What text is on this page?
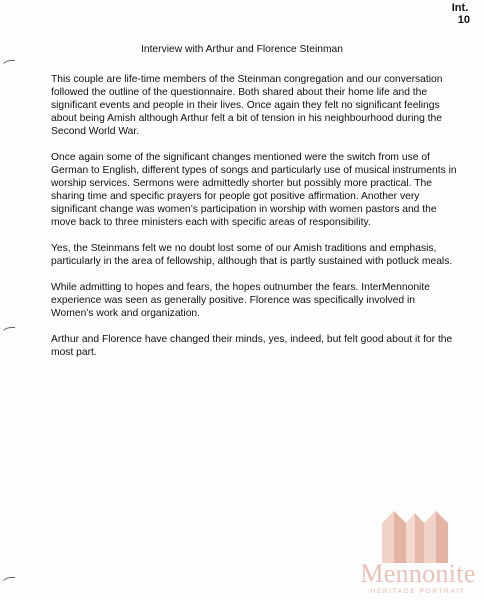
Int.
10
Interview with Arthur and Florence Steinman

This couple are life-time members of the Steinman congregation and our conversation followed the outline of the questionnaire. Both shared about their home life and the significant events and people in their lives. Once again they felt no significant feelings about being Amish although Arthur felt a bit of tension in his neighbourhood during the Second World War.

Once again some of the significant changes mentioned were the switch from use of German to English, different types of songs and particularly use of musical instruments in worship services. Sermons were admittedly shorter but possibly more practical. The sharing time and specific prayers for people got positive affirmation. Another very significant change was women’s participation in worship with women pastors and the move back to three ministers each with specific areas of responsibility.

Yes, the Steinmans felt we no doubt lost some of our Amish traditions and emphasis, particularly in the area of fellowship, although that is partly sustained with potluck meals.

While admitting to hopes and fears, the hopes outnumber the fears. InterMennonite experience was seen as generally positive. Florence was specifically involved in Women’s work and organization.

Arthur and Florence have changed their minds, yes, indeed, but felt good about it for the most part.

Mennonite
HERITAGE PORTRAIT
